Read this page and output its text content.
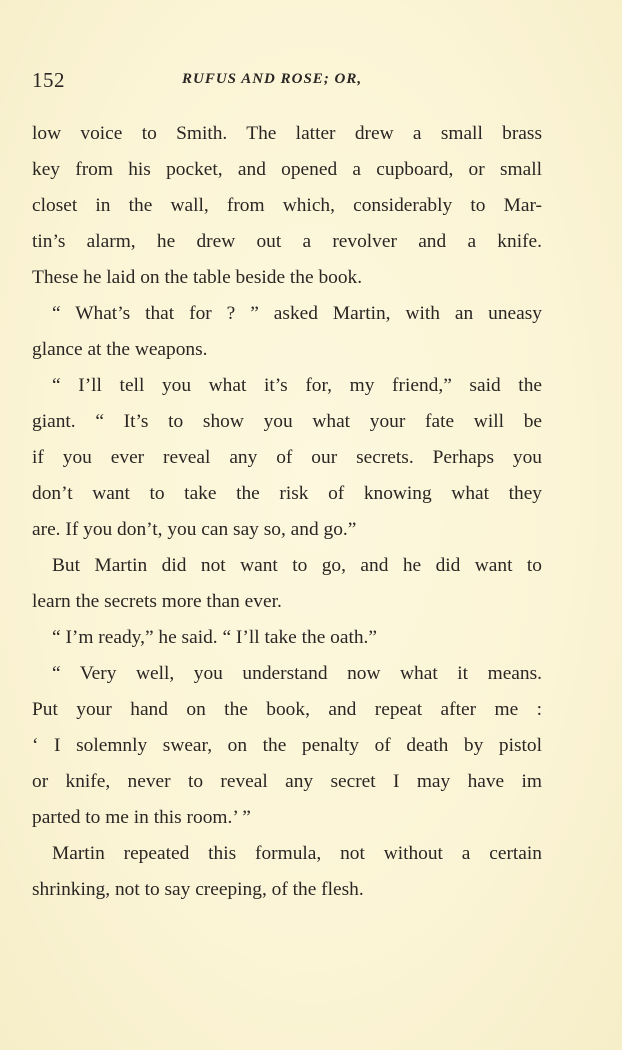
152	RUFUS AND ROSE; OR,
low voice to Smith. The latter drew a small brass
key from his pocket, and opened a cupboard, or small
closet in the wall, from which, considerably to Mar-
tin’s alarm, he drew out a revolver and a knife.
These he laid on the table beside the book.
“ What’s that for ? ” asked Martin, with an uneasy
glance at the weapons.
“ I’ll tell you what it’s for, my friend,” said the
giant. “ It’s to show you what your fate will be
if you ever reveal any of our secrets. Perhaps you
don’t want to take the risk of knowing what they
are. If you don’t, you can say so, and go.”
But Martin did not want to go, and he did want to
learn the secrets more than ever.
“ I’m ready,” he said. “ I’ll take the oath.”
“ Very well, you understand now what it means.
Put your hand on the book, and repeat after me :
‘ I solemnly swear, on the penalty of death by pistol
or knife, never to reveal any secret I may have im
parted to me in this room.’ ”
Martin repeated this formula, not without a certain
shrinking, not to say creeping, of the flesh.
